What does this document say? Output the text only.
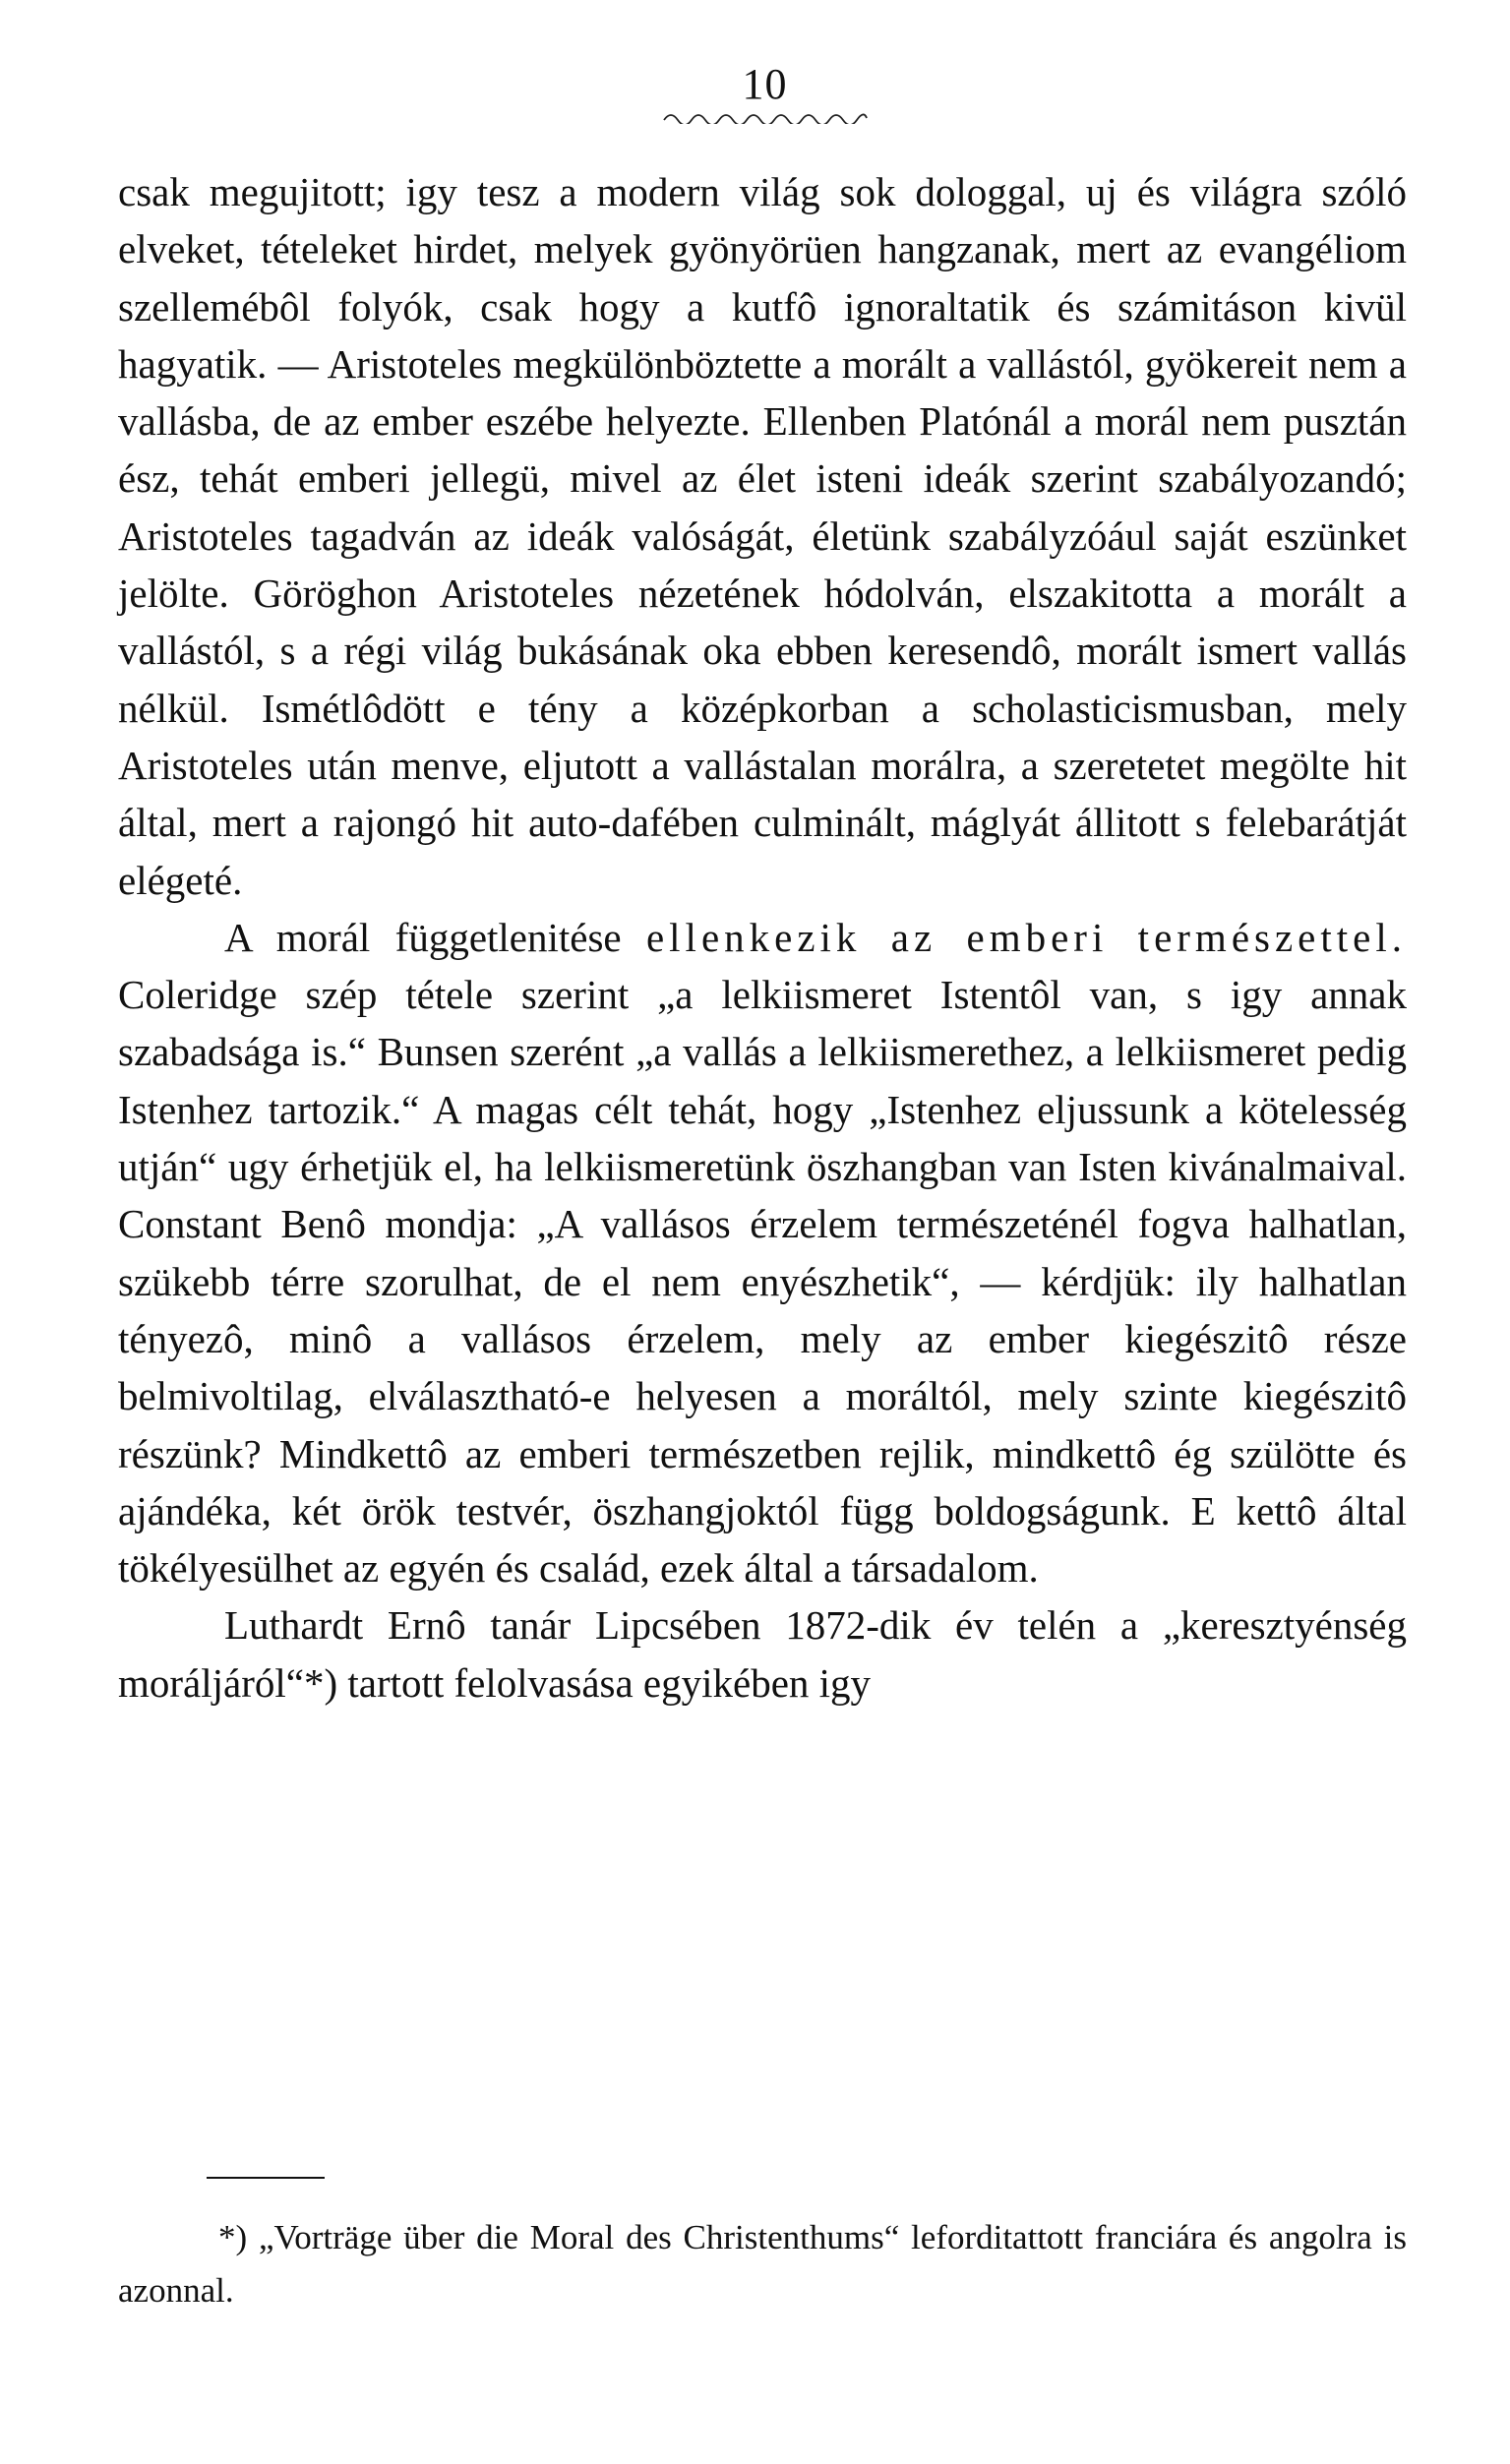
10

csak megujitott; igy tesz a modern világ sok dologgal, uj és világra szóló elveket, tételeket hirdet, melyek gyönyörüen hangzanak, mert az evangéliom szellemébôl folyók, csak hogy a kutfô ignoraltatik és számitáson kivül hagyatik. — Aristoteles megkülönböztette a morált a vallástól, gyökereit nem a vallásba, de az ember eszébe helyezte. Ellenben Platónál a morál nem pusztán ész, tehát emberi jellegü, mivel az élet isteni ideák szerint szabályozandó; Aristoteles tagadván az ideák valóságát, életünk szabályzóául saját eszünket jelölte. Göröghon Aristoteles nézetének hódolván, elszakitotta a morált a vallástól, s a régi világ bukásának oka ebben keresendô, morált ismert vallás nélkül. Ismétlôdött e tény a középkorban a scholasticismusban, mely Aristoteles után menve, eljutott a vallástalan morálra, a szeretetet megölte hit által, mert a rajongó hit auto-dafében culminált, máglyát állitott s felebarátját elégeté.

A morál függetlenitése ellenkezik az emberi természettel. Coleridge szép tétele szerint „a lelkiismeret Istentôl van, s igy annak szabadsága is.“ Bunsen szerént „a vallás a lelkiismerethez, a lelkiismeret pedig Istenhez tartozik.“ A magas célt tehát, hogy „Istenhez eljussunk a kötelesség utján“ ugy érhetjük el, ha lelkiismeretünk öszhangban van Isten kivánalmaival. Constant Benô mondja: „A vallásos érzelem természeténél fogva halhatlan, szükebb térre szorulhat, de el nem enyészhetik“, — kérdjük: ily halhatlan tényezô, minô a vallásos érzelem, mely az ember kiegészitô része belmivoltilag, elválasztható-e helyesen a moráltól, mely szinte kiegészitô részünk? Mindkettô az emberi természetben rejlik, mindkettô ég szülötte és ajándéka, két örök testvér, öszhangjoktól függ boldogságunk. E kettô által tökélyesülhet az egyén és család, ezek által a társadalom.

Luthardt Ernô tanár Lipcsében 1872-dik év telén a „keresztyénség moráljáról“*) tartott felolvasása egyikében igy

*) „Vorträge über die Moral des Christenthums“ leforditattott franciára és angolra is azonnal.
